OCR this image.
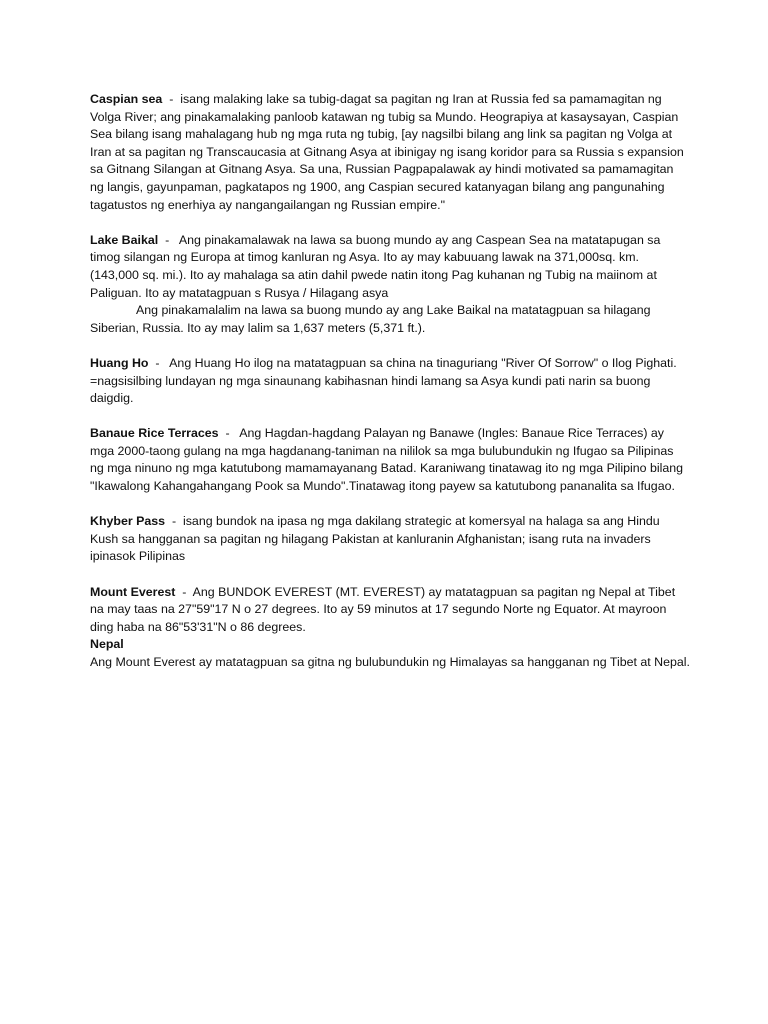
Caspian sea  -  isang malaking lake sa tubig-dagat sa pagitan ng Iran at Russia fed sa pamamagitan ng Volga River; ang pinakamalaking panloob katawan ng tubig sa Mundo. Heograpiya at kasaysayan, Caspian Sea bilang isang mahalagang hub ng mga ruta ng tubig, [ay nagsilbi bilang ang link sa pagitan ng Volga at Iran at sa pagitan ng Transcaucasia at Gitnang Asya at ibinigay ng isang koridor para sa Russia s expansion sa Gitnang Silangan at Gitnang Asya. Sa una, Russian Pagpapalawak ay hindi motivated sa pamamagitan ng langis, gayunpaman, pagkatapos ng 1900, ang Caspian secured katanyagan bilang ang pangunahing tagatustos ng enerhiya ay nangangailangan ng Russian empire."

Lake Baikal  -   Ang pinakamalawak na lawa sa buong mundo ay ang Caspean Sea na matatapugan sa timog silangan ng Europa at timog kanluran ng Asya. Ito ay may kabuuang lawak na 371,000sq. km. (143,000 sq. mi.). Ito ay mahalaga sa atin dahil pwede natin itong Pag kuhanan ng Tubig na maiinom at Paliguan. Ito ay matatagpuan s Rusya / Hilagang asya
Ang pinakamalalim na lawa sa buong mundo ay ang Lake Baikal na matatagpuan sa hilagang Siberian, Russia. Ito ay may lalim sa 1,637 meters (5,371 ft.).

Huang Ho  -   Ang Huang Ho ilog na matatagpuan sa china na tinaguriang "River Of Sorrow" o Ilog Pighati. =nagsisilbing lundayan ng mga sinaunang kabihasnan hindi lamang sa Asya kundi pati narin sa buong daigdig.

Banaue Rice Terraces  -   Ang Hagdan-hagdang Palayan ng Banawe (Ingles: Banaue Rice Terraces) ay mga 2000-taong gulang na mga hagdanang-taniman na nililok sa mga bulubundukin ng Ifugao sa Pilipinas ng mga ninuno ng mga katutubong mamamayanang Batad. Karaniwang tinatawag ito ng mga Pilipino bilang "Ikawalong Kahangahangang Pook sa Mundo".Tinatawag itong payew sa katutubong pananalita sa Ifugao.

Khyber Pass  -  isang bundok na ipasa ng mga dakilang strategic at komersyal na halaga sa ang Hindu Kush sa hangganan sa pagitan ng hilagang Pakistan at kanluranin Afghanistan; isang ruta na invaders ipinasok Pilipinas

Mount Everest  -  Ang BUNDOK EVEREST (MT. EVEREST) ay matatagpuan sa pagitan ng Nepal at Tibet na may taas na 27"59"17 N o 27 degrees. Ito ay 59 minutos at 17 segundo Norte ng Equator. At mayroon ding haba na 86"53'31"N o 86 degrees.
Nepal
Ang Mount Everest ay matatagpuan sa gitna ng bulubundukin ng Himalayas sa hangganan ng Tibet at Nepal.
